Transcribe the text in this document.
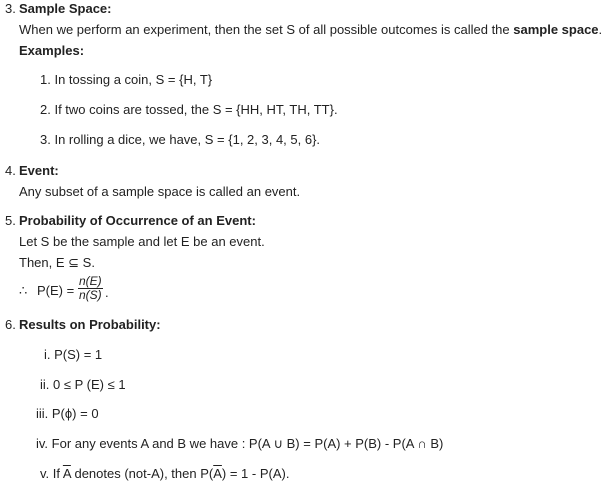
3. Sample Space:
When we perform an experiment, then the set S of all possible outcomes is called the sample space.
Examples:
1. In tossing a coin, S = {H, T}
2. If two coins are tossed, the S = {HH, HT, TH, TT}.
3. In rolling a dice, we have, S = {1, 2, 3, 4, 5, 6}.
4. Event:
Any subset of a sample space is called an event.
5. Probability of Occurrence of an Event:
Let S be the sample and let E be an event.
Then, E ⊆ S.
∴ $P(E) = \frac{n(E)}{n(S)}$ .
6. Results on Probability:
i. P(S) = 1
ii. 0 ≤ P (E) ≤ 1
iii. P(ϕ) = 0
iv. For any events A and B we have : P(A ∪ B) = P(A) + P(B) - P(A ∩ B)
v. If $\overline{A}$ denotes (not-A), then $P(\overline{A}) = 1 - P(A)$.
